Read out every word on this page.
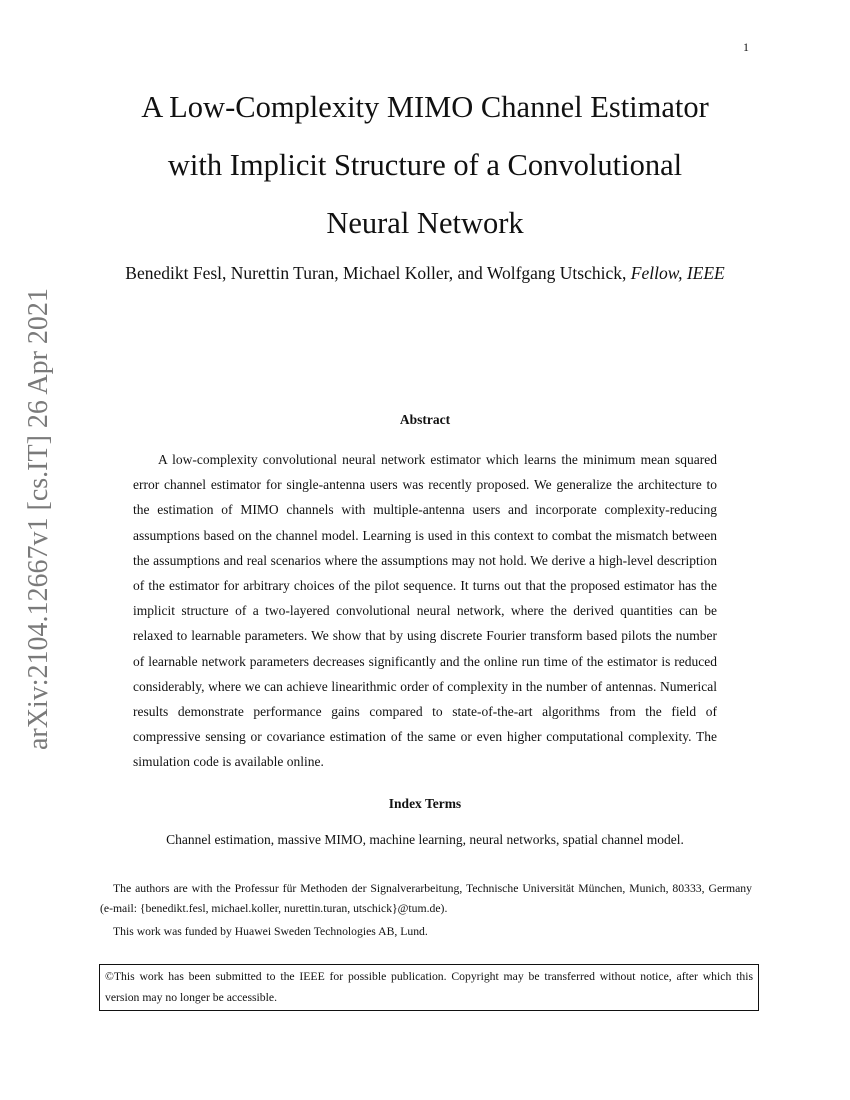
1
arXiv:2104.12667v1 [cs.IT] 26 Apr 2021
A Low-Complexity MIMO Channel Estimator
with Implicit Structure of a Convolutional
Neural Network
Benedikt Fesl, Nurettin Turan, Michael Koller, and Wolfgang Utschick, Fellow, IEEE
Abstract

A low-complexity convolutional neural network estimator which learns the minimum mean squared error channel estimator for single-antenna users was recently proposed. We generalize the architecture to the estimation of MIMO channels with multiple-antenna users and incorporate complexity-reducing assumptions based on the channel model. Learning is used in this context to combat the mismatch between the assumptions and real scenarios where the assumptions may not hold. We derive a high-level description of the estimator for arbitrary choices of the pilot sequence. It turns out that the proposed estimator has the implicit structure of a two-layered convolutional neural network, where the derived quantities can be relaxed to learnable parameters. We show that by using discrete Fourier transform based pilots the number of learnable network parameters decreases significantly and the online run time of the estimator is reduced considerably, where we can achieve linearithmic order of complexity in the number of antennas. Numerical results demonstrate performance gains compared to state-of-the-art algorithms from the field of compressive sensing or covariance estimation of the same or even higher computational complexity. The simulation code is available online.

Index Terms

Channel estimation, massive MIMO, machine learning, neural networks, spatial channel model.

The authors are with the Professur für Methoden der Signalverarbeitung, Technische Universität München, Munich, 80333, Germany (e-mail: {benedikt.fesl, michael.koller, nurettin.turan, utschick}@tum.de).

This work was funded by Huawei Sweden Technologies AB, Lund.

©This work has been submitted to the IEEE for possible publication. Copyright may be transferred without notice, after which this version may no longer be accessible.
